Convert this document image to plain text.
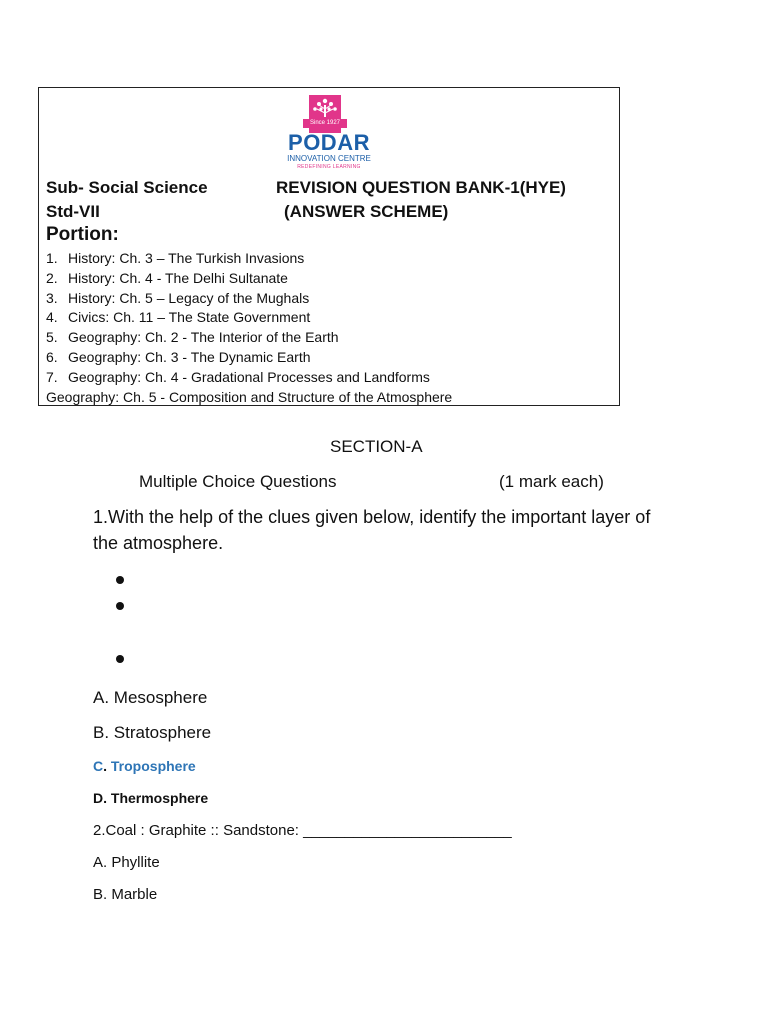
Since 1927
PODAR
INNOVATION CENTRE
REDEFINING LEARNING
Sub- Social Science	REVISION QUESTION BANK-1(HYE)
Std-VII	(ANSWER SCHEME)
Portion:
1. History: Ch. 3 – The Turkish Invasions
2. History: Ch. 4 - The Delhi Sultanate
3. History: Ch. 5 – Legacy of the Mughals
4. Civics: Ch. 11 – The State Government
5. Geography: Ch. 2 - The Interior of the Earth
6. Geography: Ch. 3 - The Dynamic Earth
7. Geography: Ch. 4 - Gradational Processes and Landforms
Geography: Ch. 5 - Composition and Structure of the Atmosphere
SECTION-A
Multiple Choice Questions	(1 mark each)
1.With the help of the clues given below, identify the important layer of
the atmosphere.
A. Mesosphere
B. Stratosphere
C. Troposphere
D. Thermosphere
2.Coal : Graphite :: Sandstone: _________________________
A. Phyllite
B. Marble
